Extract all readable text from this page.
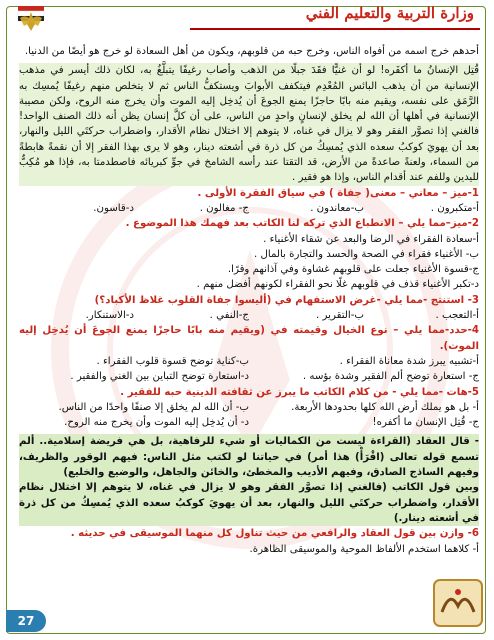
وزارة التربية والتعليم الفني

أحدهم خرج اسمه من أفواه الناس، وخرج حبه من قلوبهم، ويكون من أهل السعادة لو خرج هو أيضًا من الدنيا.

قُتِل الإنسانُ ما أكفَره! لو أن غنيًّا فقَدَ جبلًا من الذهب وأصاب رغيفًا يتبلَّغُ به، لكان ذلك أيسر في مذهب الإنسانية من أن يذهب البائس المُعْدِم فيتكفف الأبوابَ ويستكفُّ الناس ثم لا يتخلص منهم رغيفًا يُمسِك به الرَّمَق على نفسه، ويقيم منه بابًا حاجزًا يمنع الجوعَ أن يُدخِل إليه الموت وأن يخرج منه الروح، ولكن مصيبة الإنسانية في أهلها أن الله لم يخلق لإنسانٍ واحدٍ من الناس، على أن كلَّ إنسان يظن أنه ذلك الصنف الواحد! فالغني إذا تصوَّر الفقر وهو لا يزال في غناه، لا يتوهم إلا اختلال نظام الأقدار، واضطراب حركتَي الليل والنهار، بعد أن يهويَ كوكبُ سعده الذي يُمسِكُ من كل ذرة في أشعته دينار، وهو لا يرى بهذا الفقر إلا أن نقمةً هابطةً من السماء، ولعنةً صاعدةً من الأرض، قد التقتا عند رأسه الشامخ في جوِّ كبريائه فاصطدمتا به، فإذا هو مُكِبٌّ لليدين وللفم عند أقدام الناس، وإذا هو فقير .

1-ميز – معاني – معنى( جفاة ) في سياق الفقرة الأولى .

أ-متكبرون .
ب-معاندون .
ج- مغالون .
د-قاسون.

2-ميز–مما يلي – الانطباع الذي تركه لنا الكاتب بعد فهمك هذا الموضوع .

أ-سعادة الفقراء في الرضا والبعد عن شقاء الأغنياء .

ب- الأغنياء فقراء في الصحة والحسد والتجارة بالمال .

ج-قسوة الأغنياء جعلت على قلوبهم غشاوة وفي آذانهم وقرًا.

د-تكبر الأغنياء قذف في قلوبهم غلًا نحو الفقراء لكونهم أفضل منهم .

3- استنتج -مما يلي -غرض الاستفهام في (أليسوا جفاة القلوب غلاظ الأكباد؟)

أ-التعجب .
ب-التقرير .
ج-النفي .
د-الاستنكار.

4-حدد-مما يلي – نوع الخيال وقيمته في (ويقيم منه بابًا حاجزًا يمنع الجوعَ أن يُدخِل إليه الموت).

أ-تشبيه يبرز شدة معاناة الفقراء .
ب-كناية توضح قسوة قلوب الفقراء .
ج- استعارة توضح ألم الفقير وشدة بؤسه .
د-استعارة توضح التباين بين الغني والفقير .

5-هات -مما يلي - من كلام الكاتب ما يبرز عن ثقافته الدينية حبه للفقير .

أ- بل هو يملك أرض الله كلها بحدودها الأربعة.
ب- أن الله لم يخلق إلا صنفًا واحدًا من الناس.
ج- قُتِل الإنسان ما أكفره!
د- أن يُدخِل إليه الموت وأن يخرج منه الروح.

- قال العقاد (القراءة ليست من الكماليات أو شيء للرفاهية، بل هي فريضة إسلامية.. ألم تسمع قوله تعالى (اقْرَأْ) هذا أمر) في حياتنا لو لكتب مثل الناس: فيهم الوقور والظريف، وفيهم الساذج الصادق، وفيهم الأديب والمخطئ، والخائن والجاهل، والوضيع والخليع)

وبين قول الكاتب (فالغني إذا تصوَّر الفقر وهو لا يزال في غناه، لا يتوهم إلا اختلال نظام الأقدار، واضطراب حركتَي الليل والنهار، بعد أن يهويَ كوكبُ سعده الذي يُمسِكُ من كل ذرة في أشعته دينار.)

6- وازن بين قول العقاد والرافعي من حيث تناول كل منهما الموسيقى في حديثه .

أ- كلاهما استخدم الألفاظ الموحية والموسيقى الظاهرة.

27
